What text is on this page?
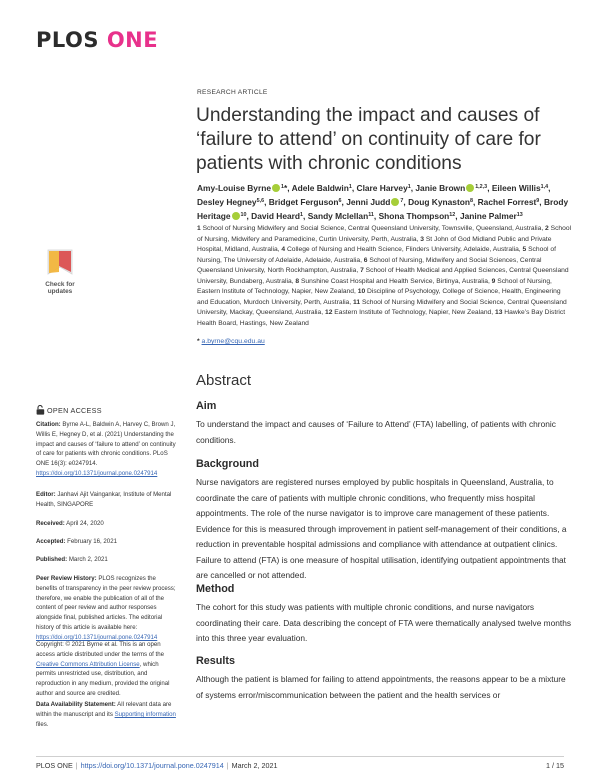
PLOS ONE
RESEARCH ARTICLE
Understanding the impact and causes of ‘failure to attend’ on continuity of care for patients with chronic conditions
Amy-Louise Byrne $^1$*, Adele Baldwin$^1$, Clare Harvey$^1$, Janie Brown $^{1,2,3}$, Eileen Willis$^{1,4}$, Desley Hegney$^{5,6}$, Bridget Ferguson$^6$, Jenni Judd $^7$, Doug Kynaston$^8$, Rachel Forrest$^9$, Brody Heritage $^{10}$, David Heard$^1$, Sandy Mclellan$^{11}$, Shona Thompson$^{12}$, Janine Palmer$^{13}$
1 School of Nursing Midwifery and Social Science, Central Queensland University, Townsville, Queensland, Australia, 2 School of Nursing, Midwifery and Paramedicine, Curtin University, Perth, Australia, 3 St John of God Midland Public and Private Hospital, Midland, Australia, 4 College of Nursing and Health Science, Flinders University, Adelaide, Australia, 5 School of Nursing, The University of Adelaide, Adelaide, Australia, 6 School of Nursing, Midwifery and Social Sciences, Central Queensland University, North Rockhampton, Australia, 7 School of Health Medical and Applied Sciences, Central Queensland University, Bundaberg, Australia, 8 Sunshine Coast Hospital and Health Service, Birtinya, Australia, 9 School of Nursing, Eastern Institute of Technology, Napier, New Zealand, 10 Discipline of Psychology, College of Science, Health, Engineering and Education, Murdoch University, Perth, Australia, 11 School of Nursing Midwifery and Social Science, Central Queensland University, Mackay, Queensland, Australia, 12 Eastern Institute of Technology, Napier, New Zealand, 13 Hawke’s Bay District Health Board, Hastings, New Zealand
* a.byrne@cqu.edu.au
Abstract
Aim

To understand the impact and causes of ‘Failure to Attend’ (FTA) labelling, of patients with chronic conditions.

Background

Nurse navigators are registered nurses employed by public hospitals in Queensland, Australia, to coordinate the care of patients with multiple chronic conditions, who frequently miss hospital appointments. The role of the nurse navigator is to improve care management of these patients. Evidence for this is measured through improvement in patient self-management of their conditions, a reduction in preventable hospital admissions and compliance with attendance at outpatient clinics. Failure to attend (FTA) is one measure of hospital utilisation, identifying outpatient appointments that are cancelled or not attended.

Method

The cohort for this study was patients with multiple chronic conditions, and nurse navigators coordinating their care. Data describing the concept of FTA were thematically analysed twelve months into this three year evaluation.

Results

Although the patient is blamed for failing to attend appointments, the reasons appear to be a mixture of systems error/miscommunication between the patient and the health services or

Check for
updates
OPEN ACCESS
Citation: Byrne A-L, Baldwin A, Harvey C, Brown J, Willis E, Hegney D, et al. (2021) Understanding the impact and causes of ‘failure to attend’ on continuity of care for patients with chronic conditions. PLoS ONE 16(3): e0247914. https://doi.org/10.1371/journal.pone.0247914
Editor: Janhavi Ajit Vaingankar, Institute of Mental Health, SINGAPORE
Received: April 24, 2020
Accepted: February 16, 2021
Published: March 2, 2021
Peer Review History: PLOS recognizes the benefits of transparency in the peer review process; therefore, we enable the publication of all of the content of peer review and author responses alongside final, published articles. The editorial history of this article is available here: https://doi.org/10.1371/journal.pone.0247914
Copyright: © 2021 Byrne et al. This is an open access article distributed under the terms of the Creative Commons Attribution License, which permits unrestricted use, distribution, and reproduction in any medium, provided the original author and source are credited.
Data Availability Statement: All relevant data are within the manuscript and its Supporting information files.
PLOS ONE | https://doi.org/10.1371/journal.pone.0247914 | March 2, 2021	1 / 15
